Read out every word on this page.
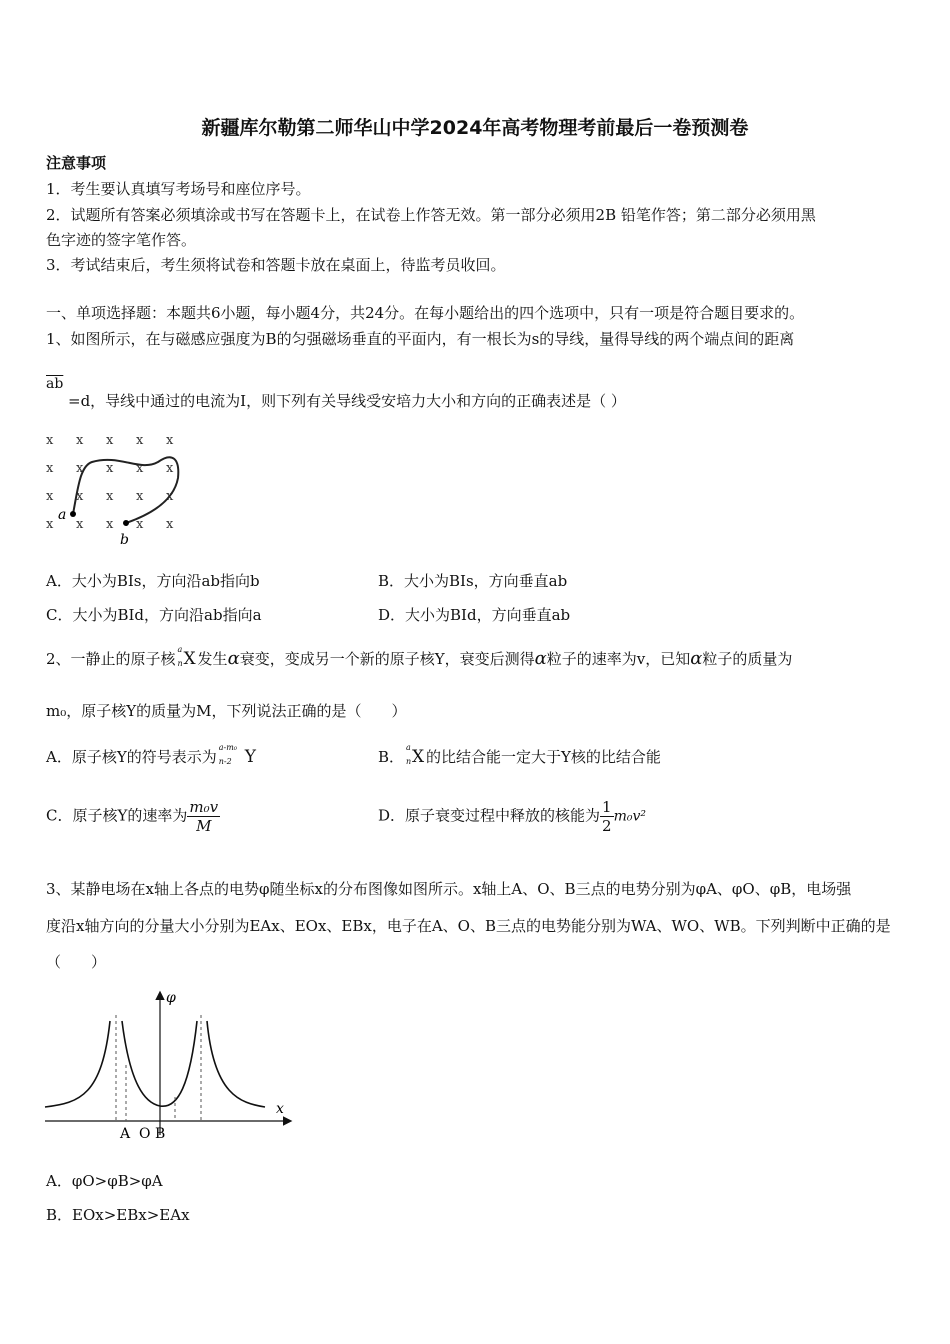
新疆库尔勒第二师华山中学2024年高考物理考前最后一卷预测卷
注意事项
1．考生要认真填写考场号和座位序号。
2．试题所有答案必须填涂或书写在答题卡上，在试卷上作答无效。第一部分必须用2B 铅笔作答；第二部分必须用黑
色字迹的签字笔作答。
3．考试结束后，考生须将试卷和答题卡放在桌面上，待监考员收回。
一、单项选择题：本题共6小题，每小题4分，共24分。在每小题给出的四个选项中，只有一项是符合题目要求的。
1、如图所示，在与磁感应强度为B的匀强磁场垂直的平面内，有一根长为s的导线，量得导线的两个端点间的距离
$\overline{ab}$
=d，导线中通过的电流为I，则下列有关导线受安培力大小和方向的正确表述是（ ）
x x x x x
x x x x x
x x x x x
x x x x x
a
b
A．大小为BIs，方向沿ab指向b	B．大小为BIs，方向垂直ab
C．大小为BId，方向沿ab指向a	D．大小为BId，方向垂直ab
2、一静止的原子核
a
n X 发生α衰变，变成另一个新的原子核Y，衰变后测得α粒子的速率为v，已知α粒子的质量为
m₀，原子核Y的质量为M，下列说法正确的是（　　）
A．原子核Y的符号表示为
a-m₀
n-2 Y	B．
a
n X 的比结合能一定大于Y核的比结合能
C．原子核Y的速率为 $\frac{\text{m₀v}}{M}$	D．原子衰变过程中释放的核能为 $\frac{1}{2} m_0v^2$
3、某静电场在x轴上各点的电势φ随坐标x的分布图像如图所示。x轴上A、O、B三点的电势分别为φA、φO、φB，电场强
度沿x轴方向的分量大小分别为EAx、EOx、EBx，电子在A、O、B三点的电势能分别为WA、WO、WB。下列判断中正确的是
（　　）
φ
x
A  O B
A．φO>φB>φA
B．EOx>EBx>EAx
